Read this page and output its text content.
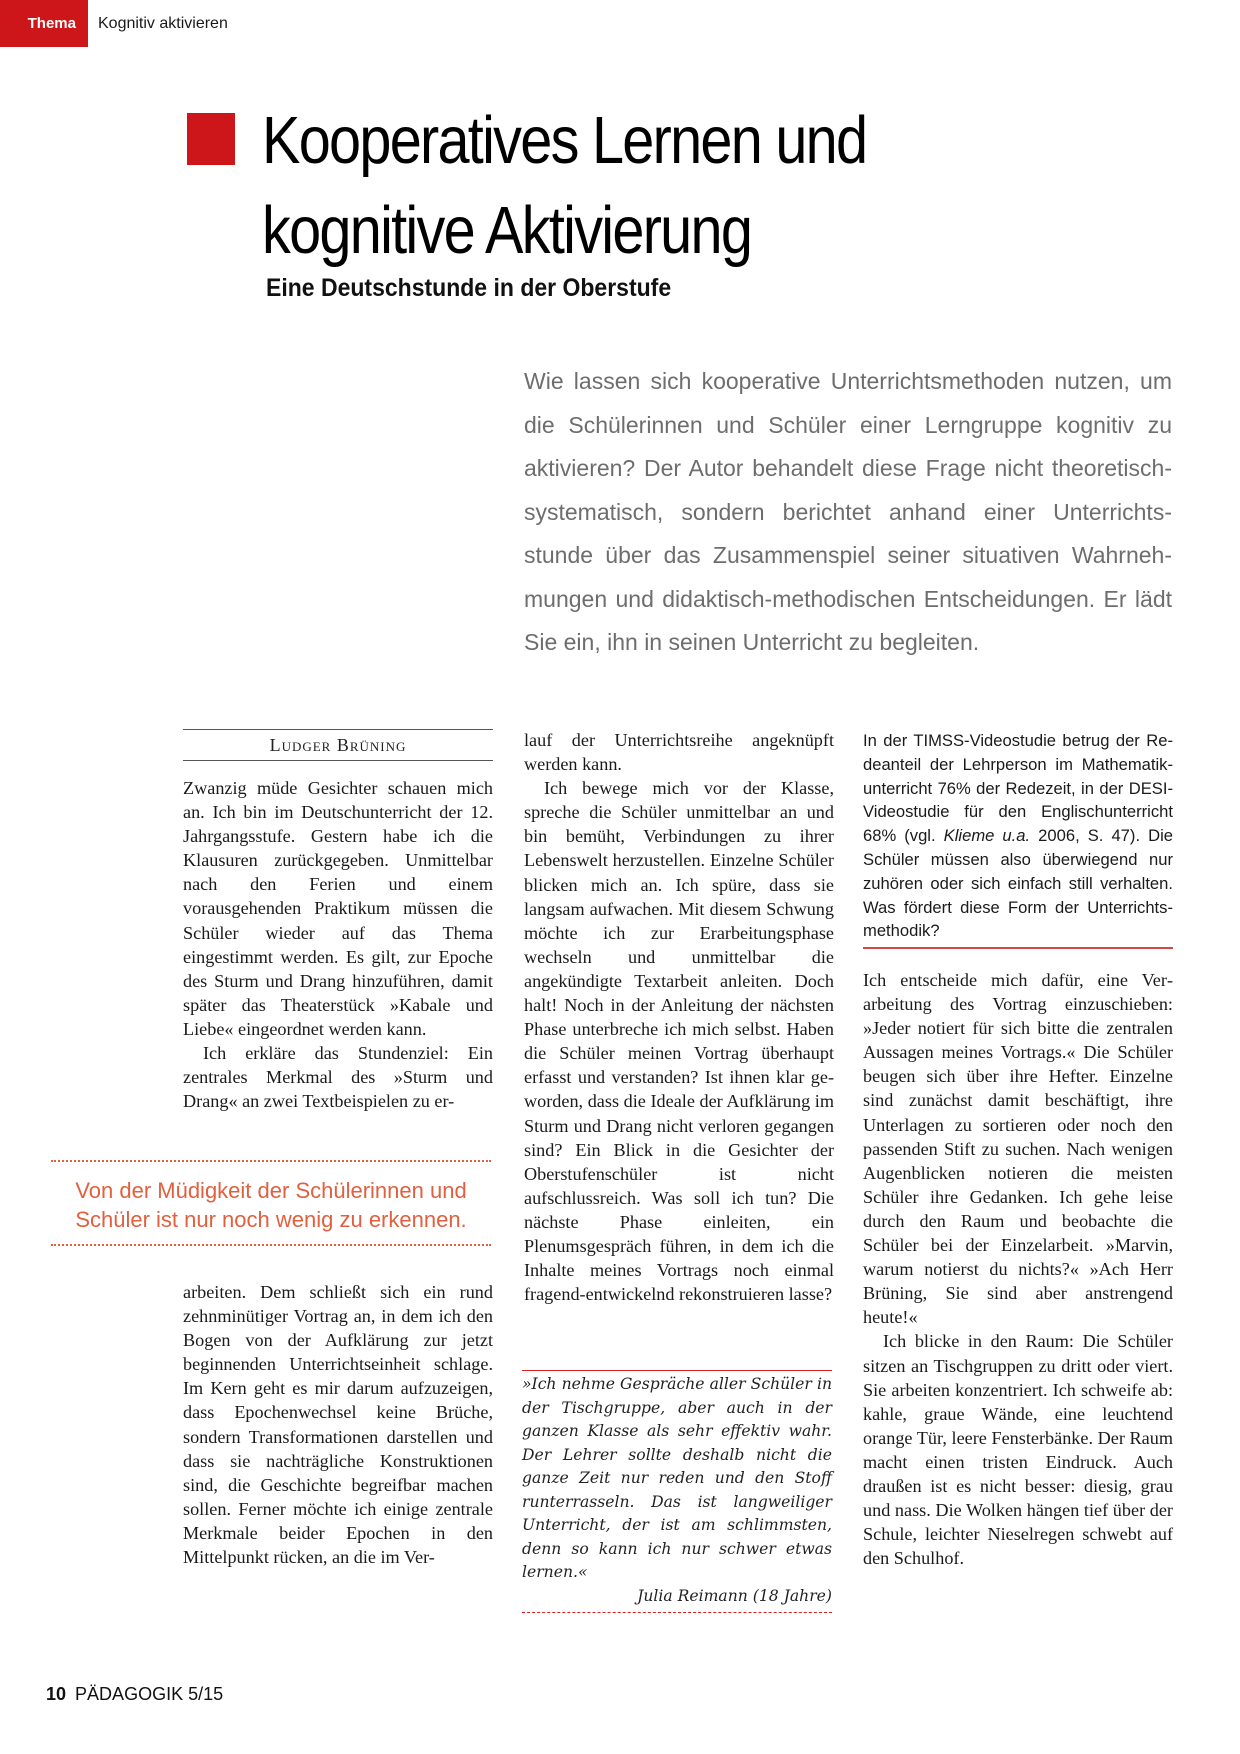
Thema	Kognitiv aktivieren
Kooperatives Lernen und
kognitive Aktivierung
Eine Deutschstunde in der Oberstufe

Wie lassen sich kooperative Unterrichtsmethoden nutzen, um die Schülerinnen und Schüler einer Lerngruppe kognitiv zu aktivieren? Der Autor behandelt diese Frage nicht theoretisch-systematisch, sondern berichtet anhand einer Unterrichtsstunde über das Zusammenspiel seiner situativen Wahrnehmungen und didaktisch-methodischen Entscheidungen. Er lädt Sie ein, ihn in seinen Unterricht zu begleiten.

Ludger Brüning

Zwanzig müde Gesichter schauen mich an. Ich bin im Deutschunterricht der 12. Jahrgangsstufe. Gestern habe ich die Klausuren zurückgegeben. Unmittelbar nach den Ferien und einem vorausgehenden Praktikum müssen die Schüler wieder auf das Thema eingestimmt werden. Es gilt, zur Epoche des Sturm und Drang hinzuführen, damit später das Theaterstück »Kabale und Liebe« eingeordnet werden kann.

Ich erkläre das Stundenziel: Ein zentrales Merkmal des »Sturm und Drang« an zwei Textbeispielen zu er-

Von der Müdigkeit der Schülerinnen und Schüler ist nur noch wenig zu erkennen.

arbeiten. Dem schließt sich ein rund zehnminütiger Vortrag an, in dem ich den Bogen von der Aufklärung zur jetzt beginnenden Unterrichtseinheit schlage. Im Kern geht es mir darum aufzuzeigen, dass Epochenwechsel keine Brüche, sondern Transformationen darstellen und dass sie nachträgliche Konstruktionen sind, die Geschichte begreifbar machen sollen. Ferner möchte ich einige zentrale Merkmale beider Epochen in den Mittelpunkt rücken, an die im Ver-

lauf der Unterrichtsreihe angeknüpft werden kann.

Ich bewege mich vor der Klasse, spreche die Schüler unmittelbar an und bin bemüht, Verbindungen zu ihrer Lebenswelt herzustellen. Einzelne Schüler blicken mich an. Ich spüre, dass sie langsam aufwachen. Mit diesem Schwung möchte ich zur Erarbeitungsphase wechseln und unmittelbar die angekündigte Textarbeit anleiten. Doch halt! Noch in der Anleitung der nächsten Phase unterbreche ich mich selbst. Haben die Schüler meinen Vortrag überhaupt erfasst und verstanden? Ist ihnen klar geworden, dass die Ideale der Aufklärung im Sturm und Drang nicht verloren gegangen sind? Ein Blick in die Gesichter der Oberstufenschüler ist nicht aufschlussreich. Was soll ich tun? Die nächste Phase einleiten, ein Plenumsgespräch führen, in dem ich die Inhalte meines Vortrags noch einmal fragend-entwickelnd rekonstruieren lasse?

»Ich nehme Gespräche aller Schüler in der Tischgruppe, aber auch in der ganzen Klasse als sehr effektiv wahr. Der Lehrer sollte deshalb nicht die ganze Zeit nur reden und den Stoff runterrasseln. Das ist langweiliger Unterricht, der ist am schlimmsten, denn so kann ich nur schwer etwas lernen.«
Julia Reimann (18 Jahre)
In der TIMSS-Videostudie betrug der Redeanteil der Lehrperson im Mathematikunterricht 76% der Redezeit, in der DESI-Videostudie für den Englischunterricht 68% (vgl. Klieme u.a. 2006, S. 47). Die Schüler müssen also überwiegend nur zuhören oder sich einfach still verhalten. Was fördert diese Form der Unterrichtsmethodik?

Ich entscheide mich dafür, eine Verarbeitung des Vortrag einzuschieben: »Jeder notiert für sich bitte die zentralen Aussagen meines Vortrags.« Die Schüler beugen sich über ihre Hefter. Einzelne sind zunächst damit beschäftigt, ihre Unterlagen zu sortieren oder noch den passenden Stift zu suchen. Nach wenigen Augenblicken notieren die meisten Schüler ihre Gedanken. Ich gehe leise durch den Raum und beobachte die Schüler bei der Einzelarbeit. »Marvin, warum notierst du nichts?« »Ach Herr Brüning, Sie sind aber anstrengend heute!«

Ich blicke in den Raum: Die Schüler sitzen an Tischgruppen zu dritt oder viert. Sie arbeiten konzentriert. Ich schweife ab: kahle, graue Wände, eine leuchtend orange Tür, leere Fensterbänke. Der Raum macht einen tristen Eindruck. Auch draußen ist es nicht besser: diesig, grau und nass. Die Wolken hängen tief über der Schule, leichter Nieselregen schwebt auf den Schulhof.

10 PÄDAGOGIK 5/15
